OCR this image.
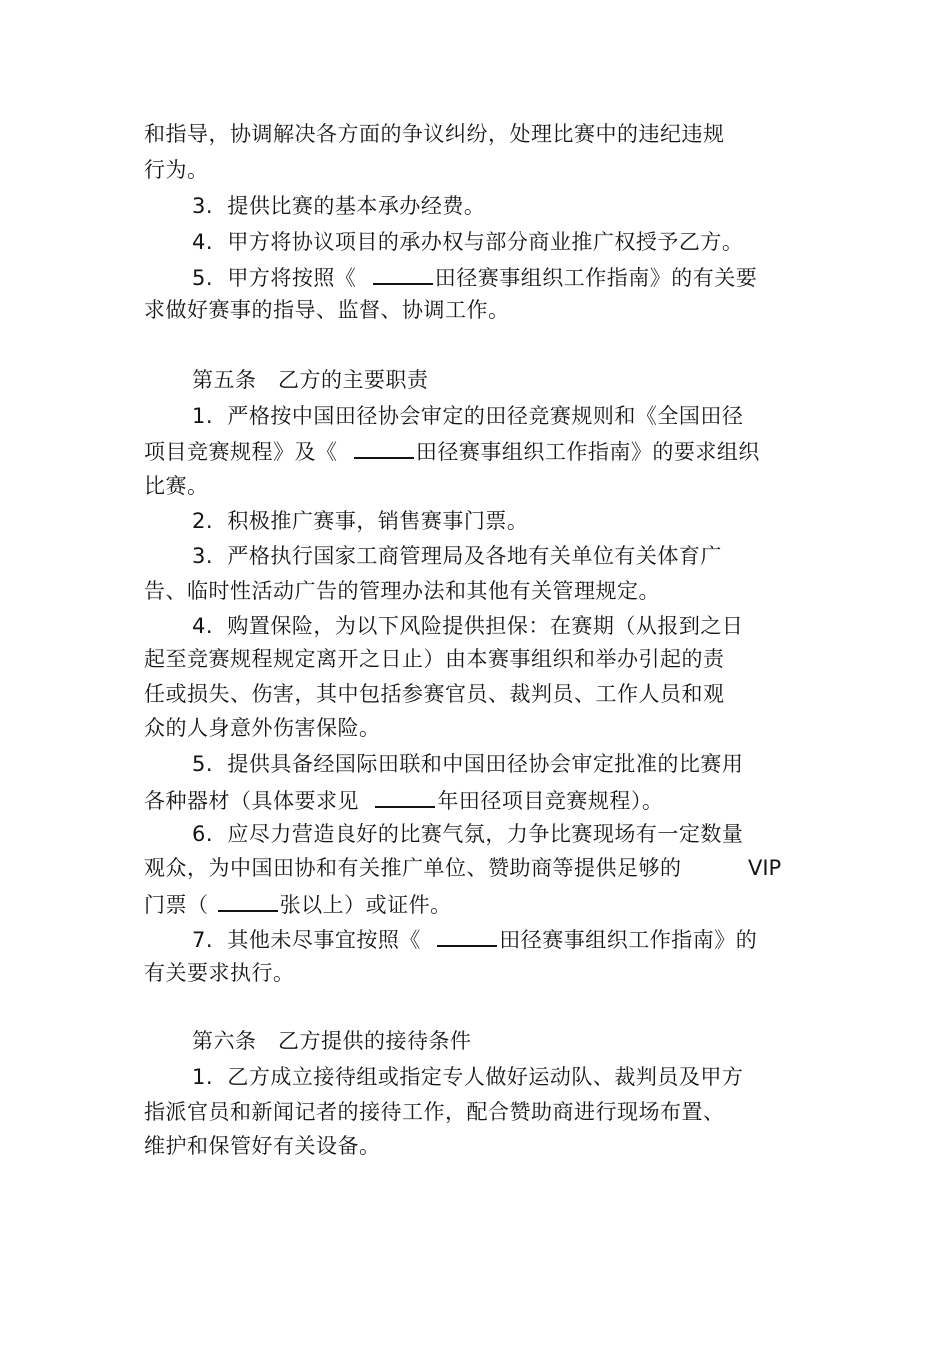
和指导，协调解决各方面的争议纠纷，处理比赛中的违纪违规
行为。
3.  提供比赛的基本承办经费。
4.  甲方将协议项目的承办权与部分商业推广权授予乙方。
5.  甲方将按照《	田径赛事组织工作指南》的有关要
求做好赛事的指导、监督、协调工作。
第五条   乙方的主要职责
1.  严格按中国田径协会审定的田径竞赛规则和《全国田径
项目竞赛规程》及《	田径赛事组织工作指南》的要求组织
比赛。
2.  积极推广赛事，销售赛事门票。
3.  严格执行国家工商管理局及各地有关单位有关体育广
告、临时性活动广告的管理办法和其他有关管理规定。
4.  购置保险，为以下风险提供担保：在赛期（从报到之日
起至竞赛规程规定离开之日止）由本赛事组织和举办引起的责
任或损失、伤害，其中包括参赛官员、裁判员、工作人员和观
众的人身意外伤害保险。
5.  提供具备经国际田联和中国田径协会审定批准的比赛用
各种器材（具体要求见	年田径项目竞赛规程）。
6.  应尽力营造良好的比赛气氛，力争比赛现场有一定数量
观众，为中国田协和有关推广单位、赞助商等提供足够的	VIP
门票（	张以上）或证件。
7.  其他未尽事宜按照《	田径赛事组织工作指南》的
有关要求执行。
第六条   乙方提供的接待条件
1.  乙方成立接待组或指定专人做好运动队、裁判员及甲方
指派官员和新闻记者的接待工作，配合赞助商进行现场布置、
维护和保管好有关设备。
